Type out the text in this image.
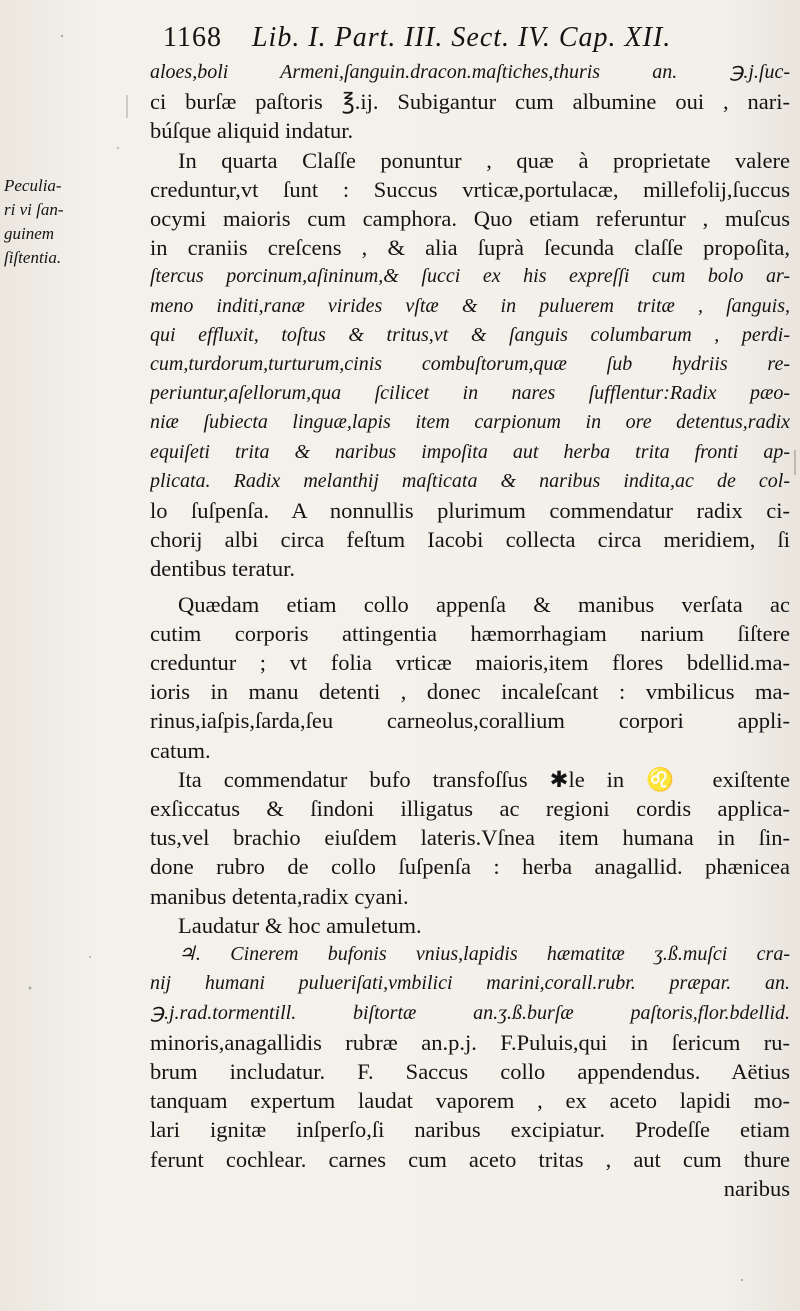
1168 Lib. I. Part. III. Sect. IV. Cap. XII.
Peculia-
ri vi ſan-
guinem
ſiſtentia.
aloes,boli Armeni,ſanguin.dracon.maſtiches,thuris an. ℈.j.ſuc-
ci burſæ paſtoris ℥.ij. Subigantur cum albumine oui , nari-
búſque aliquid indatur.
In quarta Claſſe ponuntur , quæ à proprietate valere
creduntur,vt ſunt : Succus vrticæ,portulacæ, millefolij,ſuccus
ocymi maioris cum camphora. Quo etiam referuntur , muſcus
in craniis creſcens , & alia ſuprà ſecunda claſſe propoſita,
ſtercus porcinum,aſininum,& ſucci ex his expreſſi cum bolo ar-
meno inditi,ranæ virides vſtæ & in puluerem tritæ , ſanguis,
qui effluxit, toſtus & tritus,vt & ſanguis columbarum , perdi-
cum,turdorum,turturum,cinis combuſtorum,quæ ſub hydriis re-
periuntur,aſellorum,qua ſcilicet in nares ſufflentur:Radix pæo-
niæ ſubiecta linguæ,lapis item carpionum in ore detentus,radix
equiſeti trita & naribus impoſita aut herba trita fronti ap-
plicata. Radix melanthij maſticata & naribus indita,ac de col-
lo ſuſpenſa. A nonnullis plurimum commendatur radix ci-
chorij albi circa feſtum Iacobi collecta circa meridiem, ſi
dentibus teratur.
Quædam etiam collo appenſa & manibus verſata ac
cutim corporis attingentia hæmorrhagiam narium ſiſtere
creduntur ; vt folia vrticæ maioris,item flores bdellid.ma-
ioris in manu detenti , donec incaleſcant : vmbilicus ma-
rinus,iaſpis,ſarda,ſeu carneolus,corallium corpori appli-
catum.
Ita commendatur bufo transfoſſus ✱le in ♌ exiſtente
exſiccatus & ſindoni illigatus ac regioni cordis applica-
tus,vel brachio eiuſdem lateris.Vſnea item humana in ſin-
done rubro de collo ſuſpenſa : herba anagallid. phænicea
manibus detenta,radix cyani.
Laudatur & hoc amuletum.
♃. Cinerem bufonis vnius,lapidis hæmatitæ ʒ.ß.muſci cra-
nij humani pulueriſati,vmbilici marini,corall.rubr. præpar. an.
℈.j.rad.tormentill. biſtortæ an.ʒ.ß.burſæ paſtoris,flor.bdellid.
minoris,anagallidis rubræ an.p.j. F.Puluis,qui in ſericum ru-
brum includatur. F. Saccus collo appendendus. Aëtius
tanquam expertum laudat vaporem , ex aceto lapidi mo-
lari ignitæ inſperſo,ſi naribus excipiatur. Prodeſſe etiam
ferunt cochlear. carnes cum aceto tritas , aut cum thure
naribus
